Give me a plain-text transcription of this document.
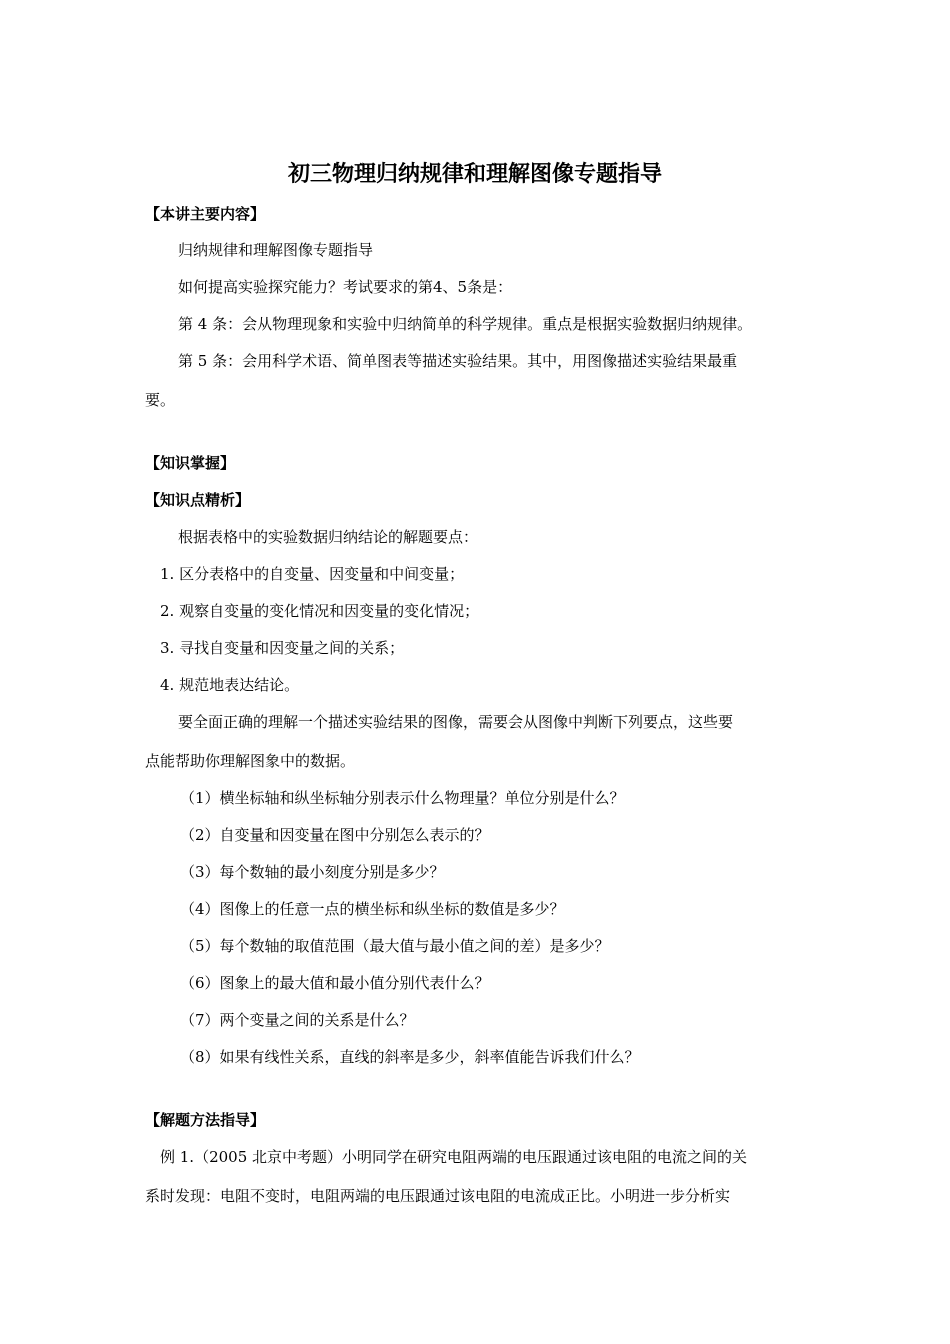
初三物理归纳规律和理解图像专题指导
【本讲主要内容】
归纳规律和理解图像专题指导
如何提高实验探究能力？考试要求的第4、5条是：
第 4 条：会从物理现象和实验中归纳简单的科学规律。重点是根据实验数据归纳规律。
第 5 条：会用科学术语、简单图表等描述实验结果。其中，用图像描述实验结果最重
要。
【知识掌握】
【知识点精析】
根据表格中的实验数据归纳结论的解题要点：
1. 区分表格中的自变量、因变量和中间变量；
2. 观察自变量的变化情况和因变量的变化情况；
3. 寻找自变量和因变量之间的关系；
4. 规范地表达结论。
要全面正确的理解一个描述实验结果的图像，需要会从图像中判断下列要点，这些要
点能帮助你理解图象中的数据。
（1）横坐标轴和纵坐标轴分别表示什么物理量？单位分别是什么？
（2）自变量和因变量在图中分别怎么表示的？
（3）每个数轴的最小刻度分别是多少？
（4）图像上的任意一点的横坐标和纵坐标的数值是多少？
（5）每个数轴的取值范围（最大值与最小值之间的差）是多少？
（6）图象上的最大值和最小值分别代表什么？
（7）两个变量之间的关系是什么？
（8）如果有线性关系，直线的斜率是多少，斜率值能告诉我们什么？
【解题方法指导】
例 1.（2005 北京中考题）小明同学在研究电阻两端的电压跟通过该电阻的电流之间的关
系时发现：电阻不变时，电阻两端的电压跟通过该电阻的电流成正比。小明进一步分析实
